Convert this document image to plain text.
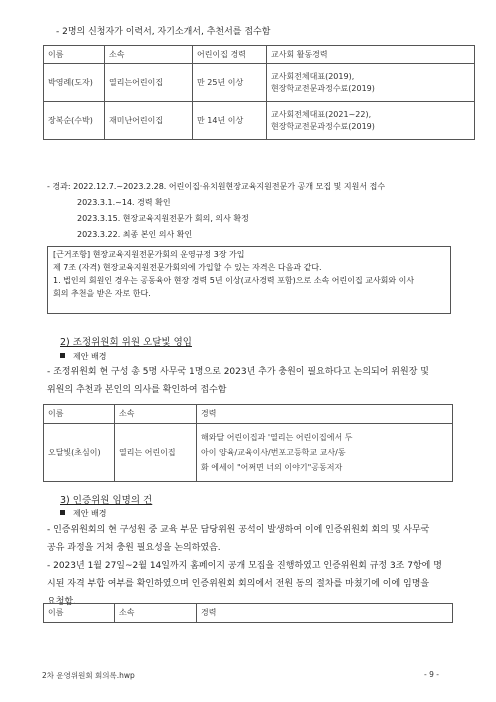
- 2명의 신청자가 이력서, 자기소개서, 추천서를 접수함
이름	소속	어린이집 경력	교사회 활동경력
박영례(도자)	열리는어린이집	만 25년 이상	교사회전체대표(2019),
현장학교전문과정수료(2019)

장복순(수박)	재미난어린이집	만 14년 이상	교사회전체대표(2021~22),
현장학교전문과정수료(2019)
- 경과: 2022.12.7.~2023.2.28. 어린이집·유치원현장교육지원전문가 공개 모집 및 지원서 접수
2023.3.1.~14. 경력 확인
2023.3.15. 현장교육지원전문가 회의, 의사 확정
2023.3.22. 최종 본인 의사 확인
[근거조항] 현장교육지원전문가회의 운영규정 3장 가입
제 7조 (자격) 현장교육지원전문가회의에 가입할 수 있는 자격은 다음과 같다.
1. 법인의 회원인 경우는 공동육아 현장 경력 5년 이상(교사경력 포함)으로 소속 어린이집 교사회와 이사
회의 추천을 받은 자로 한다.
2) 조정위원회 위원 오달빛 영입
제안 배경
- 조정위원회 현 구성 총 5명 사무국 1명으로 2023년 추가 충원이 필요하다고 논의되어 위원장 및
위원의 추천과 본인의 의사를 확인하여 접수함
이름	소속	경력
오달빛(초심이)	열리는 어린이집	해와달 어린이집과 '열리는 어린이집에서 두
아이 양육/교육이사/번포고등학교 교사/동
화 에세이 "어쩌면 너의 이야기"공동저자
3) 인증위원 임명의 건
제안 배경
- 인증위원회의 현 구성원 중 교육 부문 담당위원 공석이 발생하여 이에 인증위원회 회의 및 사무국
공유 과정을 거쳐 충원 필요성을 논의하였음.
- 2023년 1월 27일~2월 14일까지 홈페이지 공개 모집을 진행하였고 인증위원회 규정 3조 7항에 명
시된 자격 부합 여부를 확인하였으며 인증위원회 회의에서 전원 동의 절차를 마쳤기에 이에 임명을
요청함.
이름	소속	경력
2차 운영위원회 회의록.hwp	- 9 -
